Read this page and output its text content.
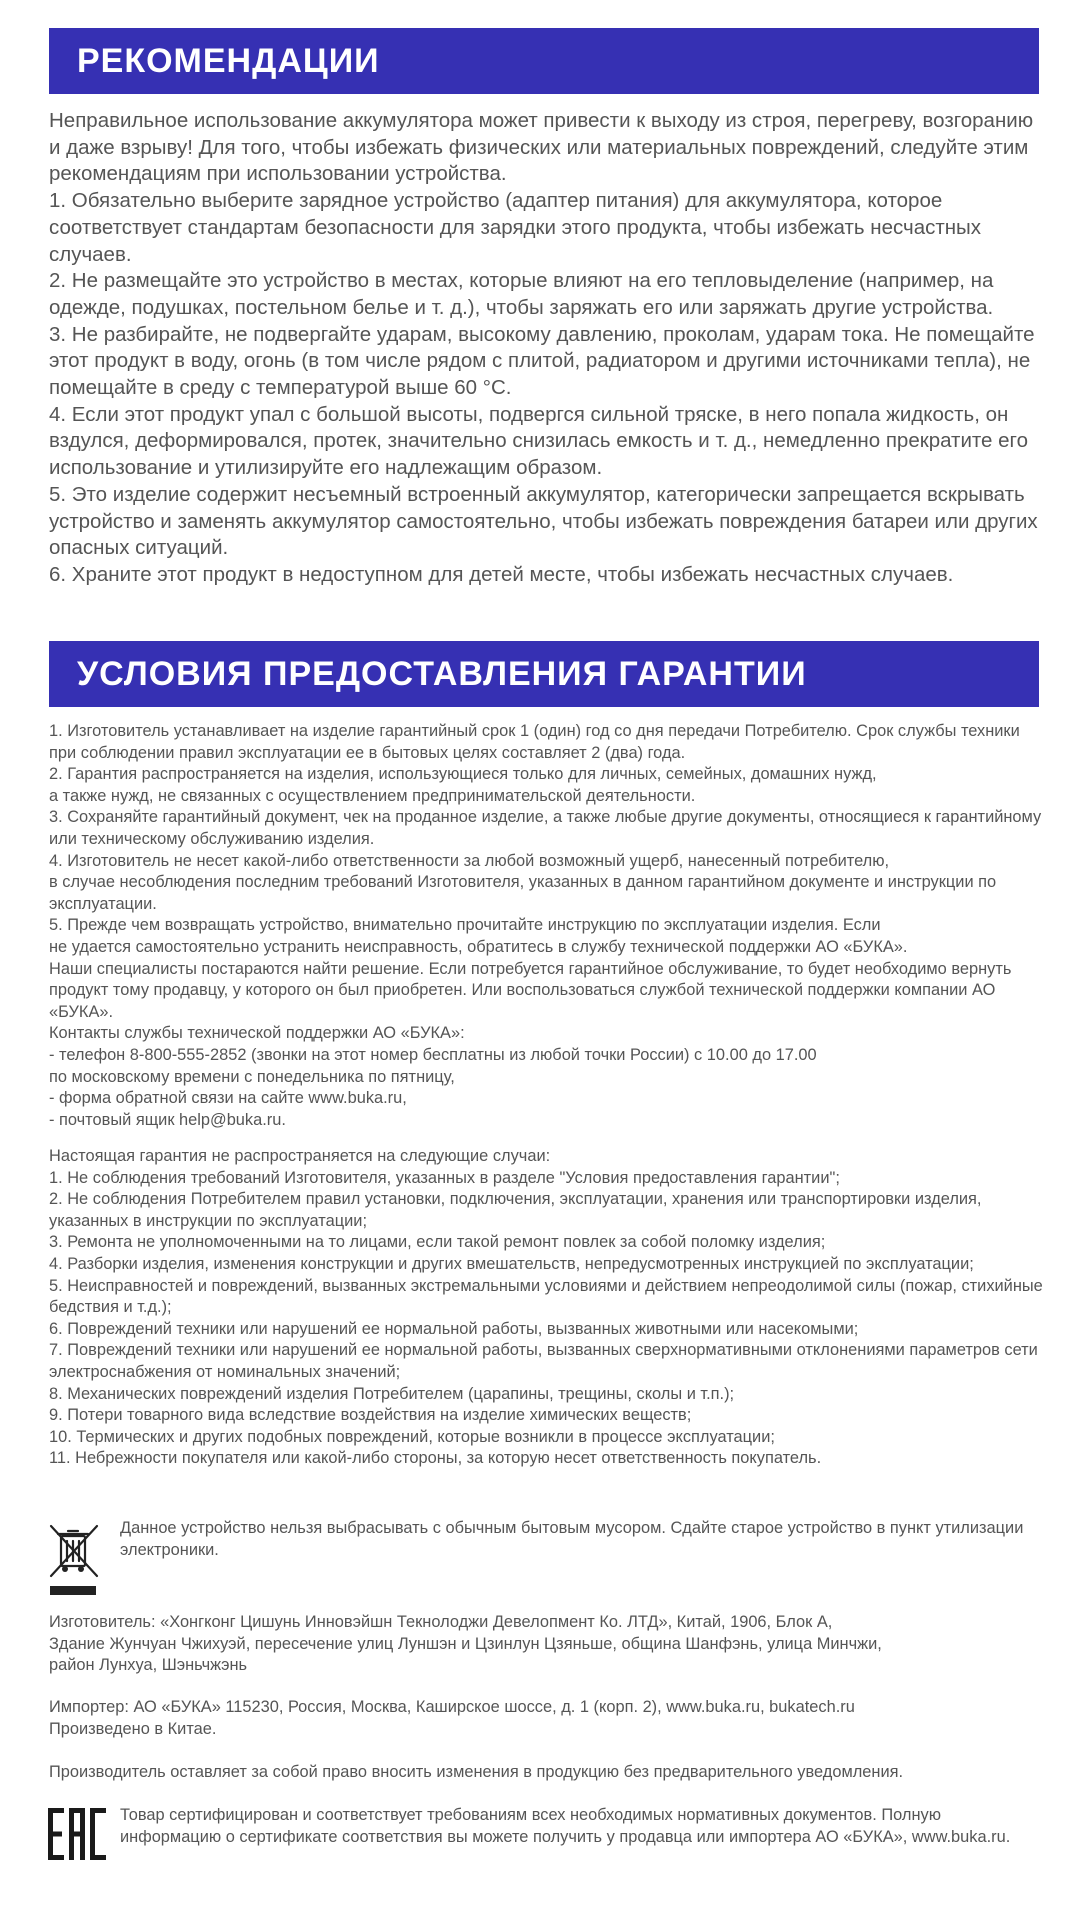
РЕКОМЕНДАЦИИ

Неправильное использование аккумулятора может привести к выходу из строя, перегреву, возгоранию и даже взрыву! Для того, чтобы избежать физических или материальных повреждений, следуйте этим рекомендациям при использовании устройства.

1. Обязательно выберите зарядное устройство (адаптер питания) для аккумулятора, которое соответствует стандартам безопасности для зарядки этого продукта, чтобы избежать несчастных случаев.

2. Не размещайте это устройство в местах, которые влияют на его тепловыделение (например, на одежде, подушках, постельном белье и т. д.), чтобы заряжать его или заряжать другие устройства.

3. Не разбирайте, не подвергайте ударам, высокому давлению, проколам, ударам тока. Не помещайте этот продукт в воду, огонь (в том числе рядом с плитой, радиатором и другими источниками тепла), не помещайте в среду с температурой выше 60 °С.

4. Если этот продукт упал с большой высоты, подвергся сильной тряске, в него попала жидкость, он вздулся, деформировался, протек, значительно снизилась емкость и т. д., немедленно прекратите его использование и утилизируйте его надлежащим образом.

5. Это изделие содержит несъемный встроенный аккумулятор, категорически запрещается вскрывать устройство и заменять аккумулятор самостоятельно, чтобы избежать повреждения батареи или других опасных ситуаций.

6. Храните этот продукт в недоступном для детей месте, чтобы избежать несчастных случаев.

УСЛОВИЯ ПРЕДОСТАВЛЕНИЯ ГАРАНТИИ

1. Изготовитель устанавливает на изделие гарантийный срок 1 (один) год со дня передачи Потребителю. Срок службы техники при соблюдении правил эксплуатации ее в бытовых целях составляет 2 (два) года.

2. Гарантия распространяется на изделия, использующиеся только для личных, семейных, домашних нужд,

а также нужд, не связанных с осуществлением предпринимательской деятельности.

3. Сохраняйте гарантийный документ, чек на проданное изделие, а также любые другие документы, относящиеся к гарантийному или техническому обслуживанию изделия.

4. Изготовитель не несет какой-либо ответственности за любой возможный ущерб, нанесенный потребителю,

в случае несоблюдения последним требований Изготовителя, указанных в данном гарантийном документе и инструкции по эксплуатации.

5. Прежде чем возвращать устройство, внимательно прочитайте инструкцию по эксплуатации изделия. Если

не удается самостоятельно устранить неисправность, обратитесь в службу технической поддержки АО «БУКА».

Наши специалисты постараются найти решение. Если потребуется гарантийное обслуживание, то будет необходимо вернуть продукт тому продавцу, у которого он был приобретен. Или воспользоваться службой технической поддержки компании АО «БУКА».

Контакты службы технической поддержки АО «БУКА»:

- телефон 8-800-555-2852 (звонки на этот номер бесплатны из любой точки России) с 10.00 до 17.00

по московскому времени с понедельника по пятницу,

- форма обратной связи на сайте www.buka.ru,

- почтовый ящик help@buka.ru.

Настоящая гарантия не распространяется на следующие случаи:

1. Не соблюдения требований Изготовителя, указанных в разделе "Условия предоставления гарантии";

2. Не соблюдения Потребителем правил установки, подключения, эксплуатации, хранения или транспортировки изделия, указанных в инструкции по эксплуатации;

3. Ремонта не уполномоченными на то лицами, если такой ремонт повлек за собой поломку изделия;

4. Разборки изделия, изменения конструкции и других вмешательств, непредусмотренных инструкцией по эксплуатации;

5. Неисправностей и повреждений, вызванных экстремальными условиями и действием непреодолимой силы (пожар, стихийные бедствия и т.д.);

6. Повреждений техники или нарушений ее нормальной работы, вызванных животными или насекомыми;

7. Повреждений техники или нарушений ее нормальной работы, вызванных сверхнормативными отклонениями параметров сети электроснабжения от номинальных значений;

8. Механических повреждений изделия Потребителем (царапины, трещины, сколы и т.п.);

9. Потери товарного вида вследствие воздействия на изделие химических веществ;

10. Термических и других подобных повреждений, которые возникли в процессе эксплуатации;

11. Небрежности покупателя или какой-либо стороны, за которую несет ответственность покупатель.

Данное устройство нельзя выбрасывать с обычным бытовым мусором. Сдайте старое устройство в пункт утилизации электроники.

Изготовитель: «Хонгконг Цишунь Инновэйшн Текнолоджи Девелопмент Ко. ЛТД», Китай, 1906, Блок А,

Здание Жунчуан Чжихуэй, пересечение улиц Луншэн и Цзинлун Цзяньше, община Шанфэнь, улица Минчжи,

район Лунхуа, Шэньчжэнь

Импортер: АО «БУКА» 115230, Россия, Москва, Каширское шоссе, д. 1 (корп. 2), www.buka.ru, bukatech.ru

Произведено в Китае.

Производитель оставляет за собой право вносить изменения в продукцию без предварительного уведомления.

Товар сертифицирован и соответствует требованиям всех необходимых нормативных документов. Полную информацию о сертификате соответствия вы можете получить у продавца или импортера АО «БУКА», www.buka.ru.
